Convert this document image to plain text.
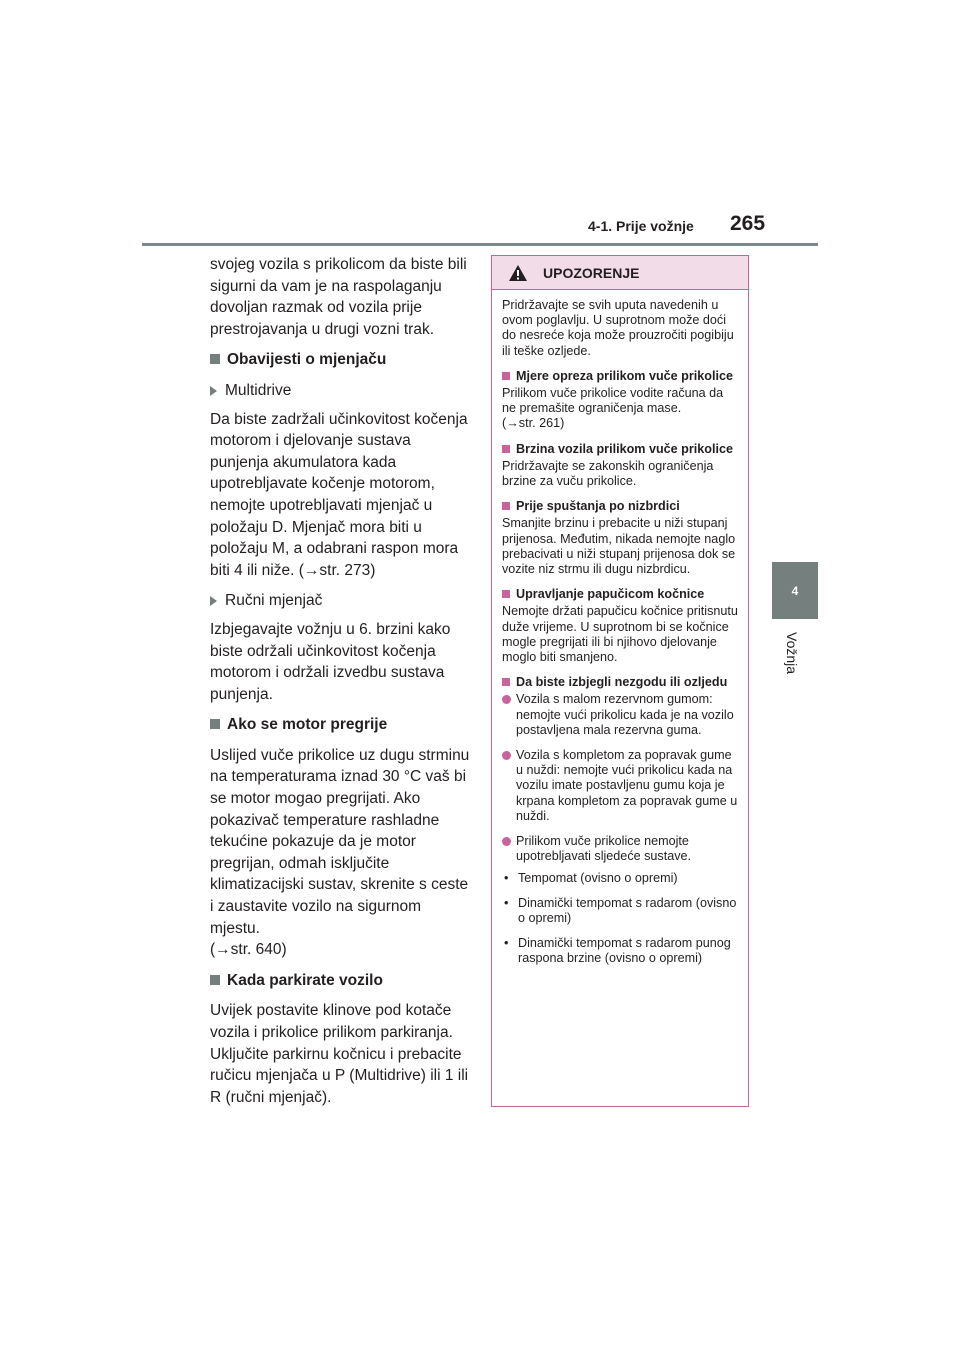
4-1. Prije vožnje 265
4
Vožnja

svojeg vozila s prikolicom da biste bili sigurni da vam je na raspolaganju dovoljan razmak od vozila prije prestrojavanja u drugi vozni trak.

Obavijesti o mjenjaču
Multidrive

Da biste zadržali učinkovitost kočenja motorom i djelovanje sustava punjenja akumulatora kada upotrebljavate kočenje motorom, nemojte upotrebljavati mjenjač u položaju D. Mjenjač mora biti u položaju M, a odabrani raspon mora biti 4 ili niže. (→str. 273)

Ručni mjenjač

Izbjegavajte vožnju u 6. brzini kako biste održali učinkovitost kočenja motorom i održali izvedbu sustava punjenja.

Ako se motor pregrije

Uslijed vuče prikolice uz dugu strminu na temperaturama iznad 30 °C vaš bi se motor mogao pregrijati. Ako pokazivač temperature rashladne tekućine pokazuje da je motor pregrijan, odmah isključite klimatizacijski sustav, skrenite s ceste i zaustavite vozilo na sigurnom mjestu.
(→str. 640)

Kada parkirate vozilo

Uvijek postavite klinove pod kotače vozila i prikolice prilikom parkiranja. Uključite parkirnu kočnicu i prebacite ručicu mjenjača u P (Multidrive) ili 1 ili R (ručni mjenjač).

UPOZORENJE

Pridržavajte se svih uputa navedenih u ovom poglavlju. U suprotnom može doći do nesreće koja može prouzročiti pogibiju ili teške ozljede.

Mjere opreza prilikom vuče prikolice

Prilikom vuče prikolice vodite računa da ne premašite ograničenja mase.
(→str. 261)

Brzina vozila prilikom vuče prikolice

Pridržavajte se zakonskih ograničenja brzine za vuču prikolice.

Prije spuštanja po nizbrdici

Smanjite brzinu i prebacite u niži stupanj prijenosa. Međutim, nikada nemojte naglo prebacivati u niži stupanj prijenosa dok se vozite niz strmu ili dugu nizbrdicu.

Upravljanje papučicom kočnice

Nemojte držati papučicu kočnice pritisnutu duže vrijeme. U suprotnom bi se kočnice mogle pregrijati ili bi njihovo djelovanje moglo biti smanjeno.

Da biste izbjegli nezgodu ili ozljedu
Vozila s malom rezervnom gumom: nemojte vući prikolicu kada je na vozilo postavljena mala rezervna guma.
Vozila s kompletom za popravak gume u nuždi: nemojte vući prikolicu kada na vozilu imate postavljenu gumu koja je krpana kompletom za popravak gume u nuždi.
Prilikom vuče prikolice nemojte upotrebljavati sljedeće sustave.
• Tempomat (ovisno o opremi)
• Dinamički tempomat s radarom (ovisno o opremi)
• Dinamički tempomat s radarom punog raspona brzine (ovisno o opremi)
